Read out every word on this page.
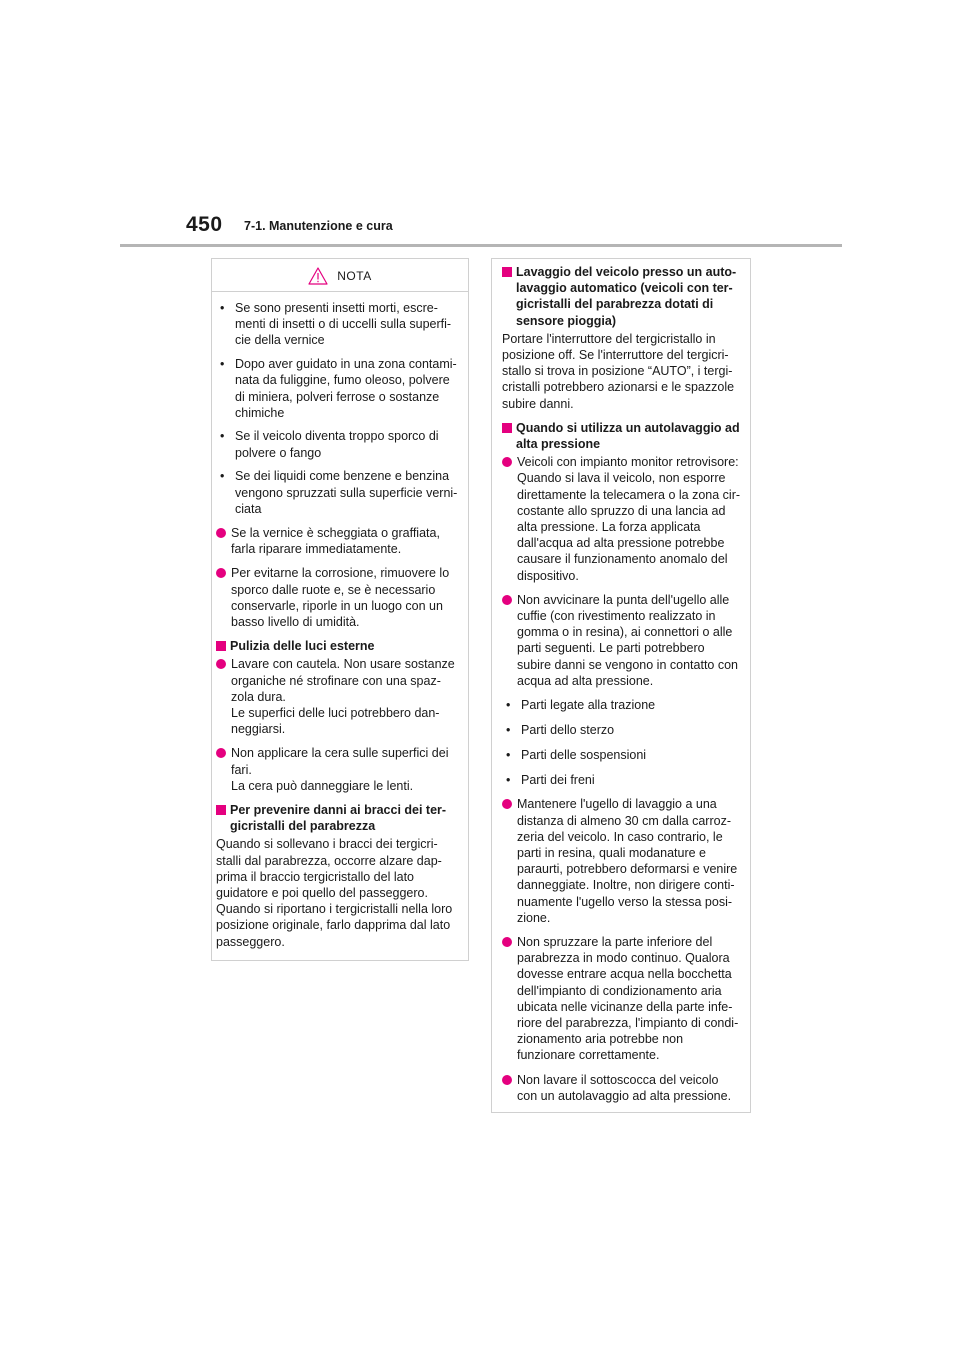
450 7-1. Manutenzione e cura
NOTA
• Se sono presenti insetti morti, escre-
menti di insetti o di uccelli sulla superfi-
cie della vernice
• Dopo aver guidato in una zona contami-
nata da fuliggine, fumo oleoso, polvere
di miniera, polveri ferrose o sostanze
chimiche
• Se il veicolo diventa troppo sporco di
polvere o fango
• Se dei liquidi come benzene e benzina
vengono spruzzati sulla superficie verni-
ciata
Se la vernice è scheggiata o graffiata,
farla riparare immediatamente.
Per evitarne la corrosione, rimuovere lo
sporco dalle ruote e, se è necessario
conservarle, riporle in un luogo con un
basso livello di umidità.
Pulizia delle luci esterne
Lavare con cautela. Non usare sostanze
organiche né strofinare con una spaz-
zola dura.
Le superfici delle luci potrebbero dan-
neggiarsi.
Non applicare la cera sulle superfici dei
fari.
La cera può danneggiare le lenti.
Per prevenire danni ai bracci dei ter-
gicristalli del parabrezza
Quando si sollevano i bracci dei tergicri-
stalli dal parabrezza, occorre alzare dap-
prima il braccio tergicristallo del lato
guidatore e poi quello del passeggero.
Quando si riportano i tergicristalli nella loro
posizione originale, farlo dapprima dal lato
passeggero.
Lavaggio del veicolo presso un auto-
lavaggio automatico (veicoli con ter-
gicristalli del parabrezza dotati di
sensore pioggia)
Portare l'interruttore del tergicristallo in
posizione off. Se l'interruttore del tergicri-
stallo si trova in posizione “AUTO”, i tergi-
cristalli potrebbero azionarsi e le spazzole
subire danni.
Quando si utilizza un autolavaggio ad
alta pressione
Veicoli con impianto monitor retrovisore:
Quando si lava il veicolo, non esporre
direttamente la telecamera o la zona cir-
costante allo spruzzo di una lancia ad
alta pressione. La forza applicata
dall'acqua ad alta pressione potrebbe
causare il funzionamento anomalo del
dispositivo.
Non avvicinare la punta dell'ugello alle
cuffie (con rivestimento realizzato in
gomma o in resina), ai connettori o alle
parti seguenti. Le parti potrebbero
subire danni se vengono in contatto con
acqua ad alta pressione.
• Parti legate alla trazione
• Parti dello sterzo
• Parti delle sospensioni
• Parti dei freni
Mantenere l'ugello di lavaggio a una
distanza di almeno 30 cm dalla carroz-
zeria del veicolo. In caso contrario, le
parti in resina, quali modanature e
paraurti, potrebbero deformarsi e venire
danneggiate. Inoltre, non dirigere conti-
nuamente l'ugello verso la stessa posi-
zione.
Non spruzzare la parte inferiore del
parabrezza in modo continuo. Qualora
dovesse entrare acqua nella bocchetta
dell'impianto di condizionamento aria
ubicata nelle vicinanze della parte infe-
riore del parabrezza, l'impianto di condi-
zionamento aria potrebbe non
funzionare correttamente.
Non lavare il sottoscocca del veicolo
con un autolavaggio ad alta pressione.
